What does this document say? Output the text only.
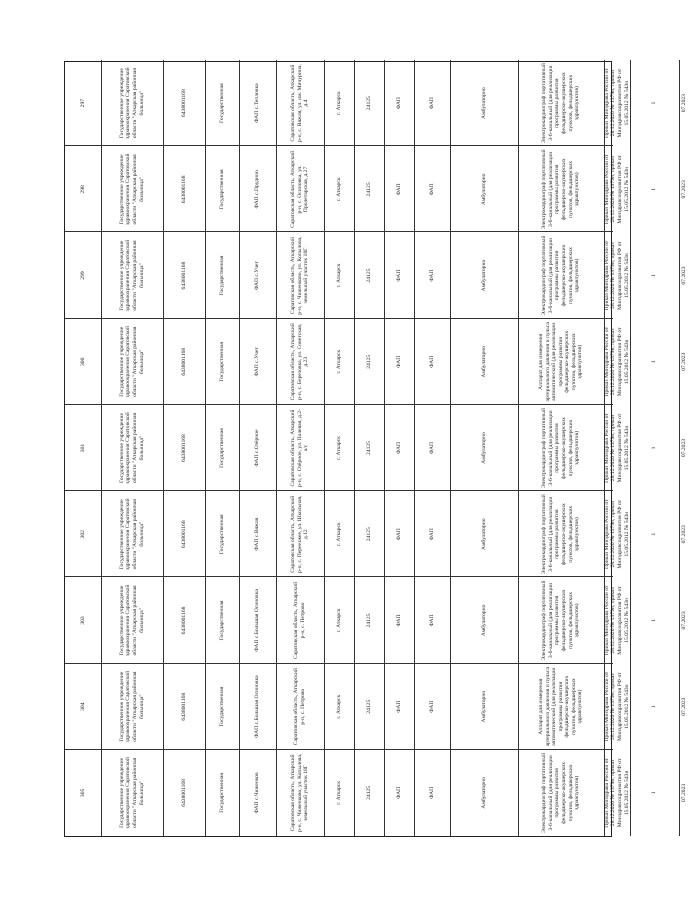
305	Государственное учреждение здравоохранения Саратовской области "Аткарская районная больница"	6438001168	Государственная	ФАП с.Чиженков	Саратовская область, Аткарский р-н, с. Чиженково, ул. Копылова, земельный участок 18Г	г. Аткарск	24125	ФАП	ФАП	Амбулаторно	Электрокардиограф портативный 3-6-канальный (для реализации программы развития фельдшерско-акушерских пунктов, фельдшерских здравпунктов)	Приказ Минздрава России от 28.12.2020 № 1379н, приказ Минздравсоцразвития РФ от 15.05.2012 № 543н	1	07.2023
304	Государственное учреждение здравоохранения Саратовской области "Аткарская районная больница"	6438001168	Государственная	ФАП с.Большая Осиновка	Саратовская область, Аткарский р-н, с. Петрово	г. Аткарск	24125	ФАП	ФАП	Амбулаторно	Аппарат для измерения артериального давления и пульса автоматический (для реализации программы развития фельдшерско-акушерских пунктов, фельдшерских здравпунктов)	Приказ Минздрава России от 28.12.2020 № 1379н, приказ Минздравсоцразвития РФ от 15.05.2012 № 543н	1	07.2023
303	Государственное учреждение здравоохранения Саратовской области "Аткарская районная больница"	6438001168	Государственная	ФАП с.Большая Осиновка	Саратовская область, Аткарский р-н, с. Петрово	г. Аткарск	24125	ФАП	ФАП	Амбулаторно	Электрокардиограф портативный 3-6-канальный (для реализации программы развития фельдшерско-акушерских пунктов, фельдшерских здравпунктов)	Приказ Минздрава России от 28.12.2020 № 1379н, приказ Минздравсоцразвития РФ от 15.05.2012 № 543н	1	07.2023
302	Государственное учреждение здравоохранения Саратовской области "Аткарская районная больница"	6438001168	Государственная	ФАП с.Вяжля	Саратовская область, Аткарский р-н, с. Переезжее, ул. Школьная, д.12	г. Аткарск	24125	ФАП	ФАП	Амбулаторно	Электрокардиограф портативный 3-6-канальный (для реализации программы развития фельдшерско-акушерских пунктов, фельдшерских здравпунктов)	Приказ Минздрава России от 28.12.2020 № 1379н, приказ Минздравсоцразвития РФ от 15.05.2012 № 543н	1	07.2023
301	Государственное учреждение здравоохранения Саратовской области "Аткарская районная больница"	6438001168	Государственная	ФАП с.Озёрное	Саратовская область, Аткарский р-н, с. Озёрное, ул. Полевая, д.2-а/с	г. Аткарск	24125	ФАП	ФАП	Амбулаторно	Электрокардиограф портативный 3-6-канальный (для реализации программы развития фельдшерско-акушерских пунктов, фельдшерских здравпунктов)	Приказ Минздрава России от 28.12.2020 № 1379н, приказ Минздравсоцразвития РФ от 15.05.2012 № 543н	1	07.2023
300	Государственное учреждение здравоохранения Саратовской области "Аткарская районная больница"	6438001168	Государственная	ФАП с.Учет	Саратовская область, Аткарский р-н, с. Березовка, ул. Советская, д.23	г. Аткарск	24125	ФАП	ФАП	Амбулаторно	Аппарат для измерения артериального давления и пульса автоматический (для реализации программы развития фельдшерско-акушерских пунктов, фельдшерских здравпунктов)	Приказ Минздрава России от 28.12.2020 № 1379н, приказ Минздравсоцразвития РФ от 15.05.2012 № 543н	1	07.2023
299	Государственное учреждение здравоохранения Саратовской области "Аткарская районная больница"	6438001168	Государственная	ФАП с.Учет	Саратовская область, Аткарский р-н, с. Чиженково, ул. Копылова, земельный участок 18Г	г. Аткарск	24125	ФАП	ФАП	Амбулаторно	Электрокардиограф портативный 3-6-канальный (для реализации программы развития фельдшерско-акушерских пунктов, фельдшерских здравпунктов)	Приказ Минздрава России от 28.12.2020 № 1379н, приказ Минздравсоцразвития РФ от 15.05.2012 № 543н	1	07.2023
298	Государственное учреждение здравоохранения Саратовской области "Аткарская районная больница"	6438001168	Государственная	ФАП с.Прудино	Саратовская область, Аткарский р-н, с. Осиновка, ул. Пролетарская, д.27	г. Аткарск	24125	ФАП	ФАП	Амбулаторно	Электрокардиограф портативный 3-6-канальный (для реализации программы развития фельдшерско-акушерских пунктов, фельдшерских здравпунктов)	Приказ Минздрава России от 28.12.2020 № 1379н, приказ Минздравсоцразвития РФ от 15.05.2012 № 543н	1	07.2023
297	Государственное учреждение здравоохранения Саратовской области "Аткарская районная больница"	6438001168	Государственная	ФАП с.Тепловка	Саратовская область, Аткарский р-н, с. Вяжля, ул. им. Мичурина, д.4	г. Аткарск	24125	ФАП	ФАП	Амбулаторно	Электрокардиограф портативный 3-6-канальный (для реализации программы развития фельдшерско-акушерских пунктов, фельдшерских здравпунктов)	Приказ Минздрава России от 28.12.2020 № 1379н, приказ Минздравсоцразвития РФ от 15.05.2012 № 543н	1	07.2023
